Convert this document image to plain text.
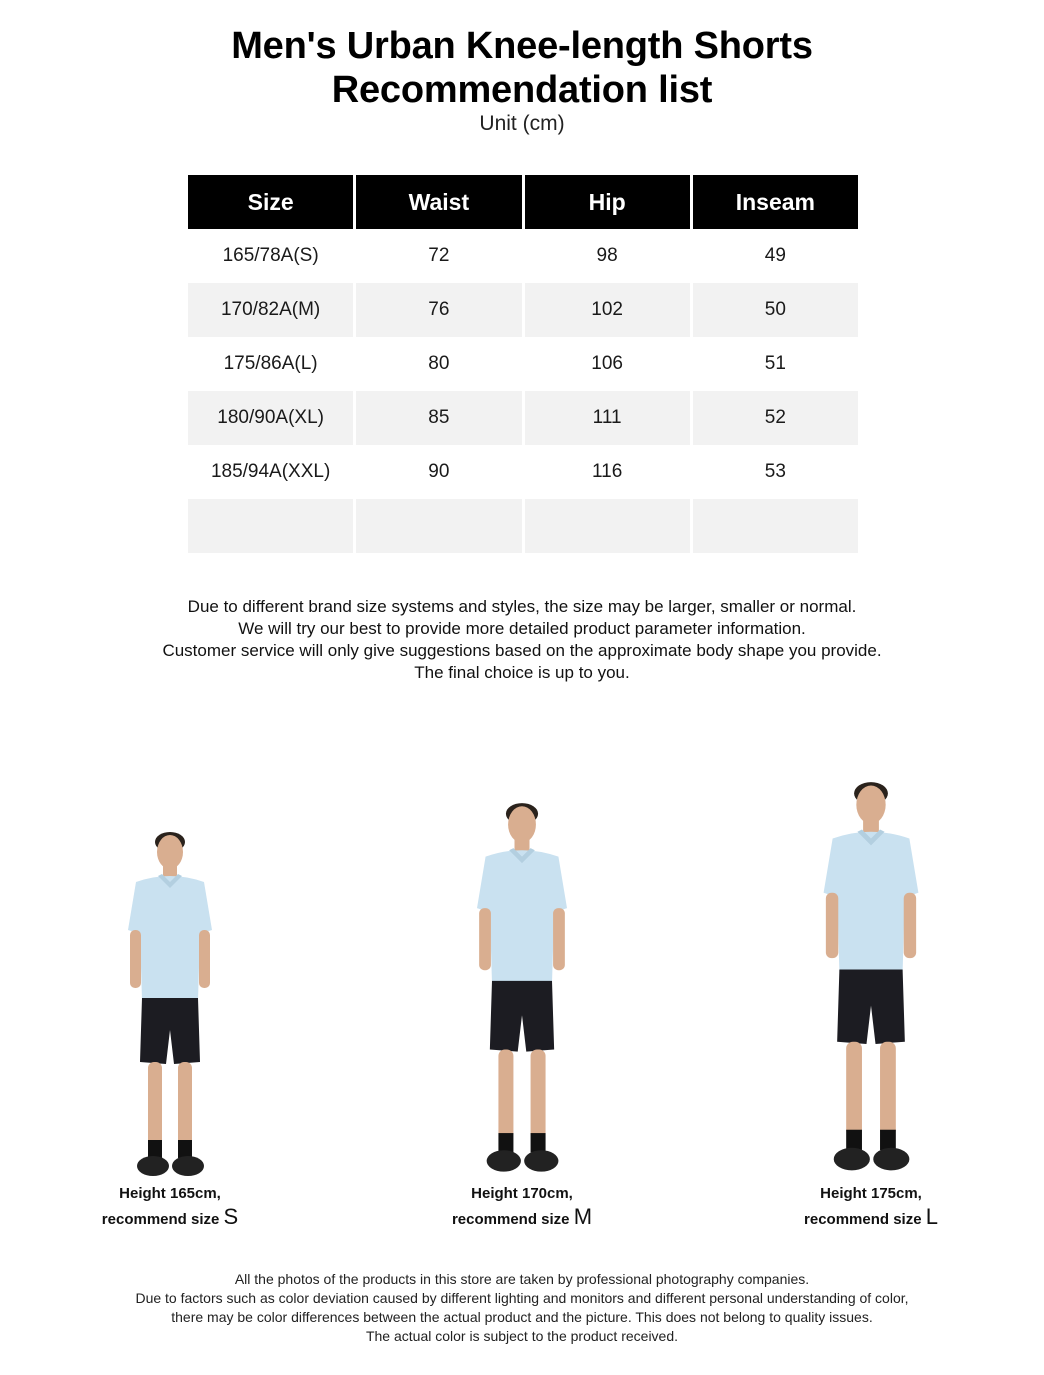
Men's Urban Knee-length Shorts
Recommendation list
Unit (cm)
Size	Waist	Hip	Inseam
165/78A(S)	72	98	49
170/82A(M)	76	102	50
175/86A(L)	80	106	51
180/90A(XL)	85	111	52
185/94A(XXL)	90	116	53

Due to different brand size systems and styles, the size may be larger, smaller or normal.
We will try our best to provide more detailed product parameter information.
Customer service will only give suggestions based on the approximate body shape you provide.
The final choice is up to you.
Height 165cm,
recommend size S
Height 170cm,
recommend size M
Height 175cm,
recommend size L
All the photos of the products in this store are taken by professional photography companies.
Due to factors such as color deviation caused by different lighting and monitors and different personal understanding of color,
there may be color differences between the actual product and the picture. This does not belong to quality issues.
The actual color is subject to the product received.
